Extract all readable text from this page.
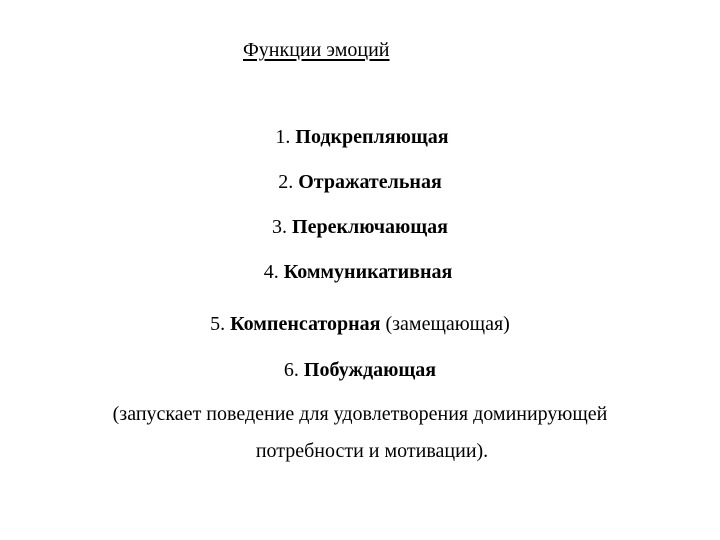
Функции эмоций
1. Подкрепляющая
2. Отражательная
3. Переключающая
4. Коммуникативная
5. Компенсаторная (замещающая)
6. Побуждающая
(запускает поведение для удовлетворения доминирующей
потребности и мотивации).
